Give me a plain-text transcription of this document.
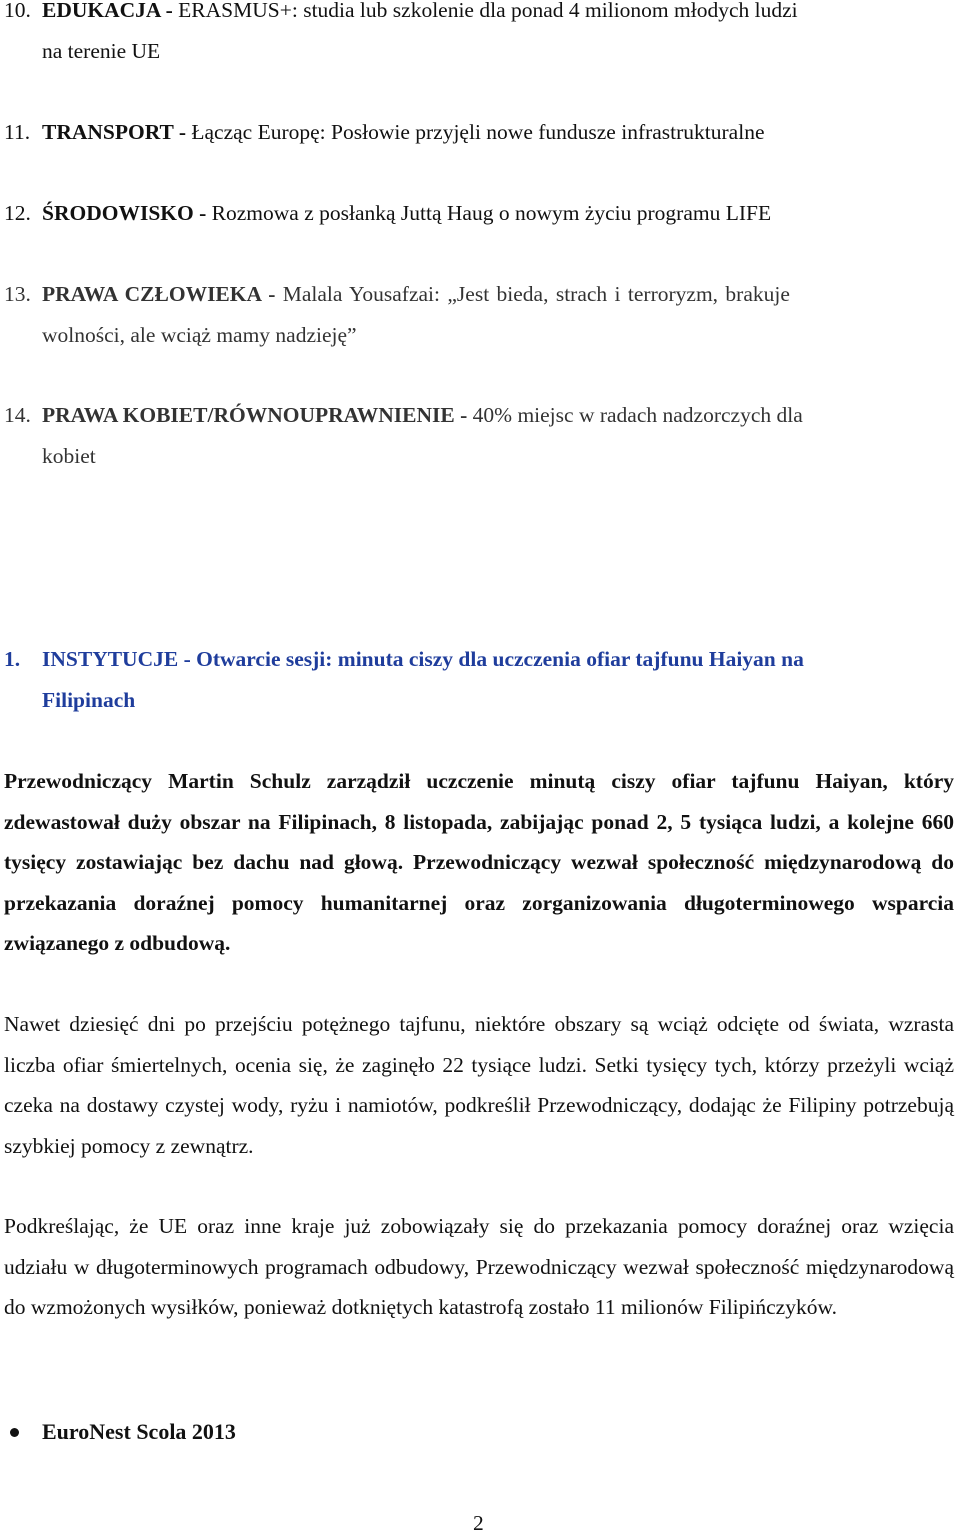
10. EDUKACJA - ERASMUS+: studia lub szkolenie dla ponad 4 milionom młodych ludzi
na terenie UE
11. TRANSPORT - Łącząc Europę: Posłowie przyjęli nowe fundusze infrastrukturalne
12. ŚRODOWISKO - Rozmowa z posłanką Juttą Haug o nowym życiu programu LIFE
13. PRAWA CZŁOWIEKA - Malala Yousafzai: „Jest bieda, strach i terroryzm, brakuje
wolności, ale wciąż mamy nadzieję”
14. PRAWA KOBIET/RÓWNOUPRAWNIENIE - 40% miejsc w radach nadzorczych dla
kobiet
1. INSTYTUCJE - Otwarcie sesji: minuta ciszy dla uczczenia ofiar tajfunu Haiyan na
Filipinach

Przewodniczący Martin Schulz zarządził uczczenie minutą ciszy ofiar tajfunu Haiyan, który zdewastował duży obszar na Filipinach, 8 listopada, zabijając ponad 2, 5 tysiąca ludzi, a kolejne 660 tysięcy zostawiając bez dachu nad głową. Przewodniczący wezwał społeczność międzynarodową do przekazania doraźnej pomocy humanitarnej oraz zorganizowania długoterminowego wsparcia związanego z odbudową.

Nawet dziesięć dni po przejściu potężnego tajfunu, niektóre obszary są wciąż odcięte od świata, wzrasta liczba ofiar śmiertelnych, ocenia się, że zaginęło 22 tysiące ludzi. Setki tysięcy tych, którzy przeżyli wciąż czeka na dostawy czystej wody, ryżu i namiotów, podkreślił Przewodniczący, dodając że Filipiny potrzebują szybkiej pomocy z zewnątrz.

Podkreślając, że UE oraz inne kraje już zobowiązały się do przekazania pomocy doraźnej oraz wzięcia udziału w długoterminowych programach odbudowy, Przewodniczący wezwał społeczność międzynarodową do wzmożonych wysiłków, ponieważ dotkniętych katastrofą zostało 11 milionów Filipińczyków.

EuroNest Scola 2013
2
